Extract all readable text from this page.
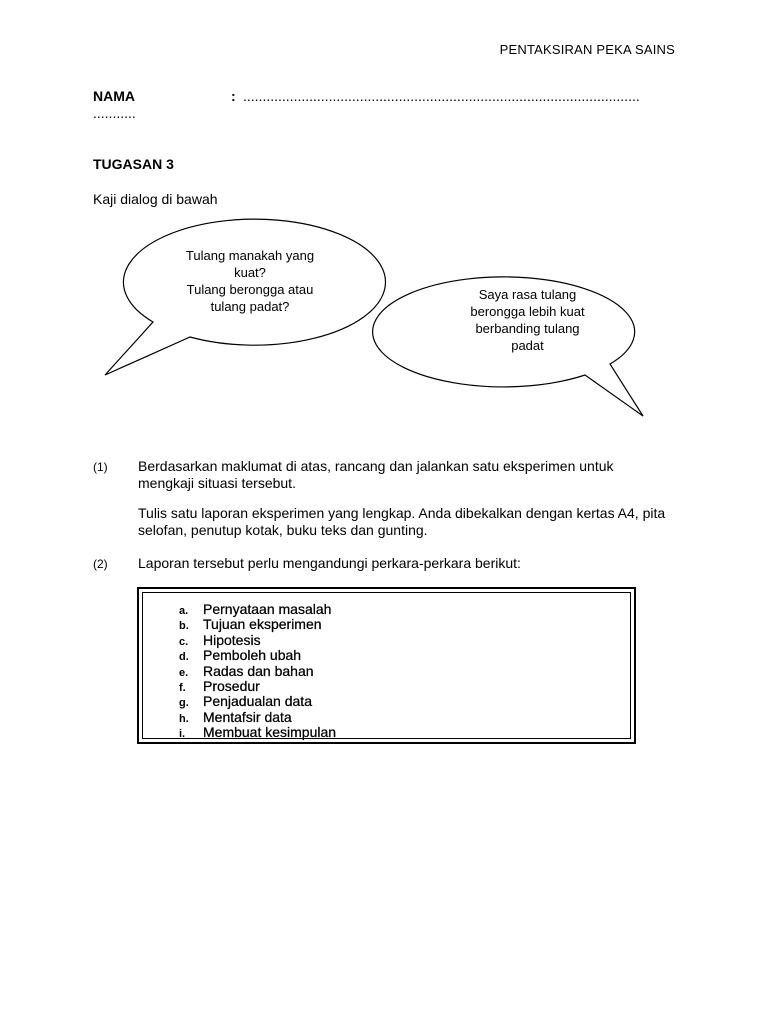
PENTAKSIRAN PEKA SAINS
NAMA	: ......................................................................................................
...........
TUGASAN 3
Kaji dialog di bawah
Tulang manakah yang
kuat?
Tulang berongga atau
tulang padat?
Saya rasa tulang
berongga lebih kuat
berbanding tulang
padat
(1) Berdasarkan maklumat di atas, rancang dan jalankan satu eksperimen untuk mengkaji situasi tersebut.
Tulis satu laporan eksperimen yang lengkap. Anda dibekalkan dengan kertas A4, pita selofan, penutup kotak, buku teks dan gunting.
(2) Laporan tersebut perlu mengandungi perkara-perkara berikut:
a.	Pernyataan masalah
b.	Tujuan eksperimen
c.	Hipotesis
d.	Pemboleh ubah
e.	Radas dan bahan
f.	Prosedur
g.	Penjadualan data
h.	Mentafsir data
i.	Membuat kesimpulan
